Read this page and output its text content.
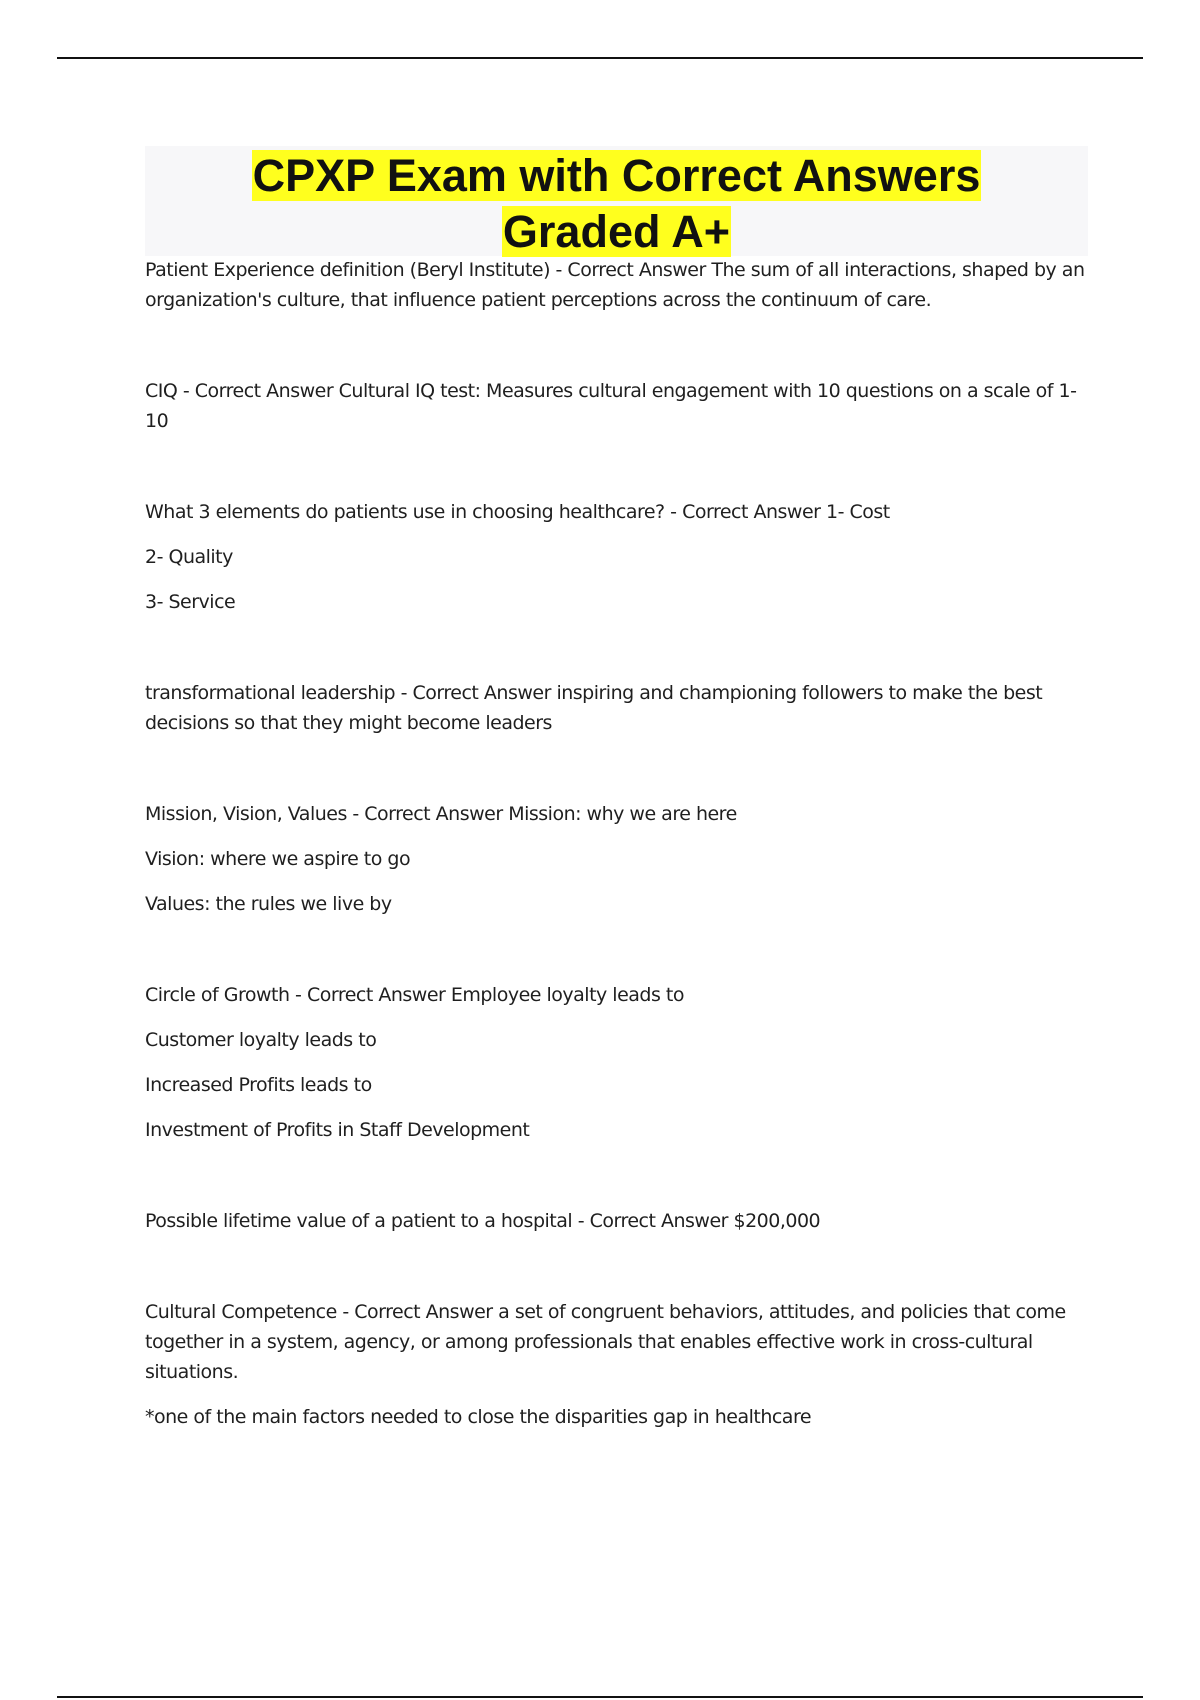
CPXP Exam with Correct Answers
Graded A+

Patient Experience definition (Beryl Institute) - Correct Answer The sum of all interactions, shaped by an organization's culture, that influence patient perceptions across the continuum of care.

CIQ - Correct Answer Cultural IQ test: Measures cultural engagement with 10 questions on a scale of 1-10

What 3 elements do patients use in choosing healthcare? - Correct Answer 1- Cost

2- Quality

3- Service

transformational leadership - Correct Answer inspiring and championing followers to make the best decisions so that they might become leaders

Mission, Vision, Values - Correct Answer Mission: why we are here

Vision: where we aspire to go

Values: the rules we live by

Circle of Growth - Correct Answer Employee loyalty leads to

Customer loyalty leads to

Increased Profits leads to

Investment of Profits in Staff Development

Possible lifetime value of a patient to a hospital - Correct Answer $200,000

Cultural Competence - Correct Answer a set of congruent behaviors, attitudes, and policies that come together in a system, agency, or among professionals that enables effective work in cross-cultural situations.

*one of the main factors needed to close the disparities gap in healthcare
